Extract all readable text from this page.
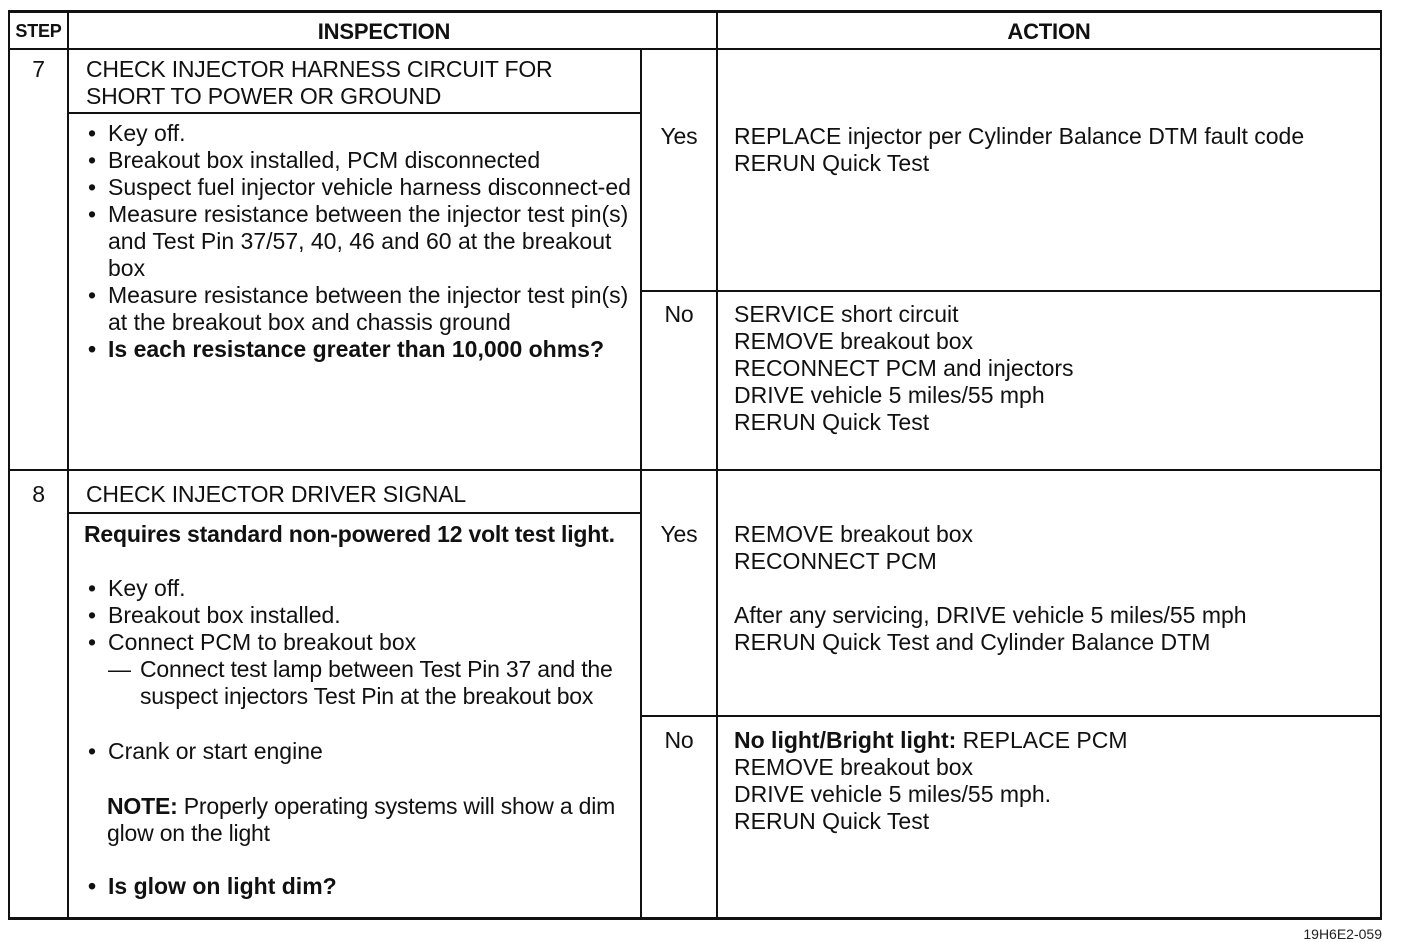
STEP	INSPECTION	ACTION
7	CHECK INJECTOR HARNESS CIRCUIT FOR
SHORT TO POWER OR GROUND
• Key off.
• Breakout box installed, PCM disconnected
• Suspect fuel injector vehicle harness disconnect-ed
• Measure resistance between the injector test pin(s) and Test Pin 37/57, 40, 46 and 60 at the breakout box
• Measure resistance between the injector test pin(s) at the breakout box and chassis ground
• Is each resistance greater than 10,000 ohms?
Yes	REPLACE injector per Cylinder Balance DTM fault code
RERUN Quick Test
No	SERVICE short circuit
REMOVE breakout box
RECONNECT PCM and injectors
DRIVE vehicle 5 miles/55 mph
RERUN Quick Test
8	CHECK INJECTOR DRIVER SIGNAL
Requires standard non-powered 12 volt test light.
• Key off.
• Breakout box installed.
• Connect PCM to breakout box
— Connect test lamp between Test Pin 37 and the suspect injectors Test Pin at the breakout box
• Crank or start engine
NOTE: Properly operating systems will show a dim glow on the light
• Is glow on light dim?
Yes	REMOVE breakout box
RECONNECT PCM
After any servicing, DRIVE vehicle 5 miles/55 mph
RERUN Quick Test and Cylinder Balance DTM
No	No light/Bright light: REPLACE PCM
REMOVE breakout box
DRIVE vehicle 5 miles/55 mph.
RERUN Quick Test
19H6E2-059
